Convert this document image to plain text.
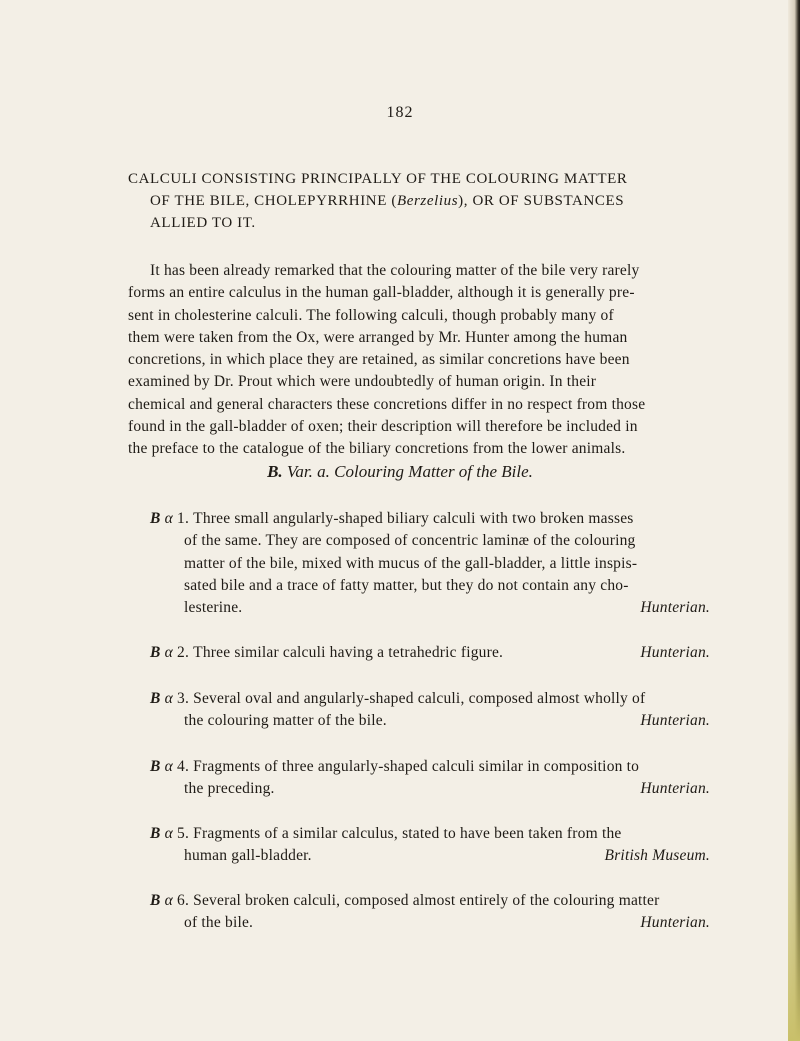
182
CALCULI CONSISTING PRINCIPALLY OF THE COLOURING MATTER
OF THE BILE, CHOLEPYRRHINE (Berzelius), OR OF SUBSTANCES
ALLIED TO IT.
It has been already remarked that the colouring matter of the bile very rarely
forms an entire calculus in the human gall-bladder, although it is generally pre-
sent in cholesterine calculi. The following calculi, though probably many of
them were taken from the Ox, were arranged by Mr. Hunter among the human
concretions, in which place they are retained, as similar concretions have been
examined by Dr. Prout which were undoubtedly of human origin. In their
chemical and general characters these concretions differ in no respect from those
found in the gall-bladder of oxen; their description will therefore be included in
the preface to the catalogue of the biliary concretions from the lower animals.
B. Var. a. Colouring Matter of the Bile.
B α 1. Three small angularly-shaped biliary calculi with two broken masses
of the same. They are composed of concentric laminæ of the colouring
matter of the bile, mixed with mucus of the gall-bladder, a little inspis-
sated bile and a trace of fatty matter, but they do not contain any cho-
lesterine.	Hunterian.
B α 2. Three similar calculi having a tetrahedric figure.	Hunterian.
B α 3. Several oval and angularly-shaped calculi, composed almost wholly of
the colouring matter of the bile.	Hunterian.
B α 4. Fragments of three angularly-shaped calculi similar in composition to
the preceding.	Hunterian.
B α 5. Fragments of a similar calculus, stated to have been taken from the
human gall-bladder.	British Museum.
B α 6. Several broken calculi, composed almost entirely of the colouring matter
of the bile.	Hunterian.
